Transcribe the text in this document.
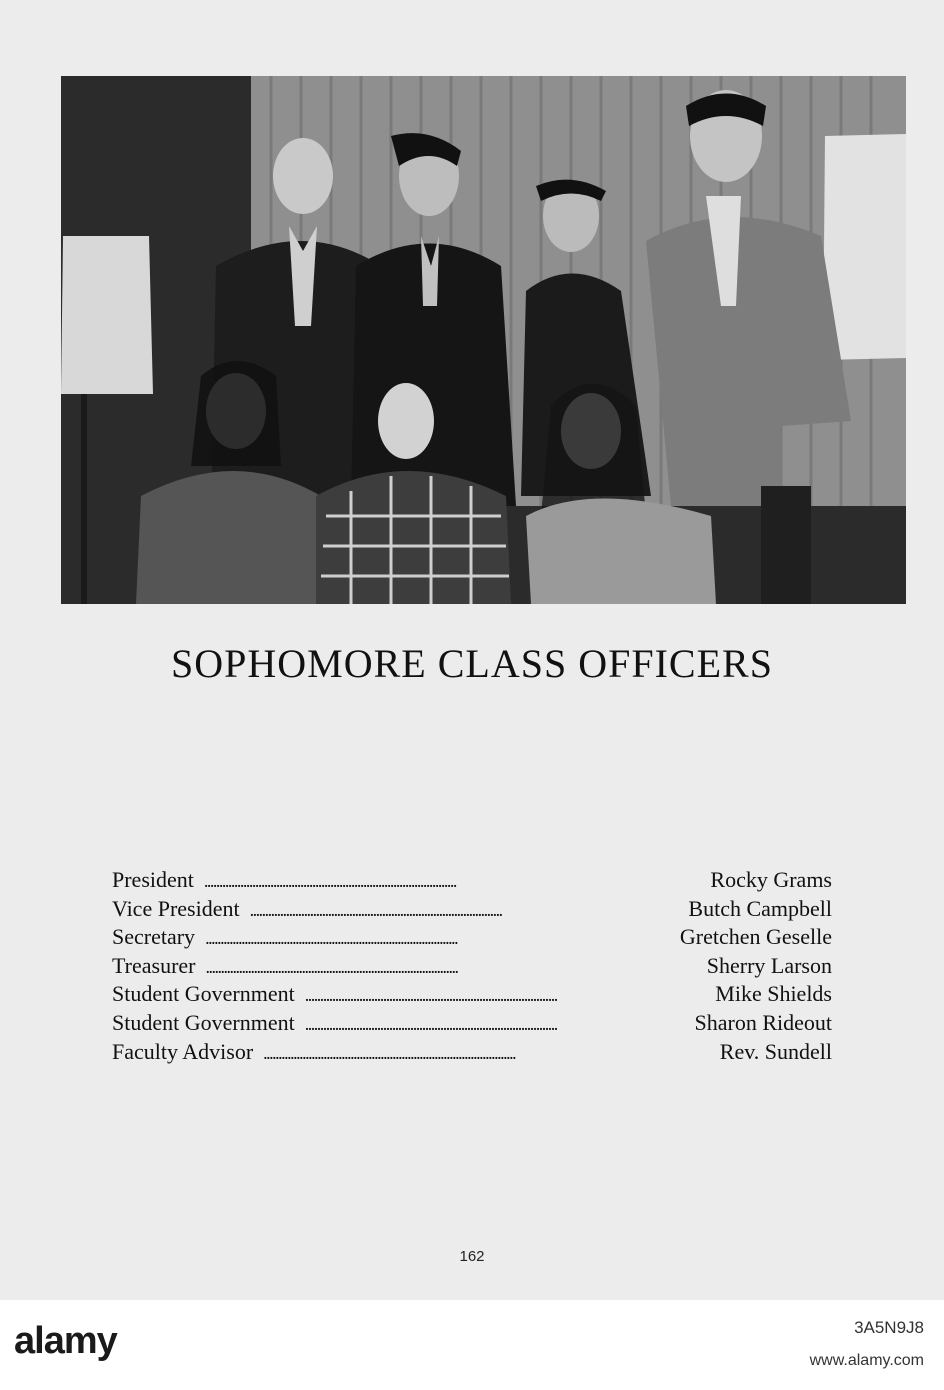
SOPHOMORE CLASS OFFICERS
President . . .	Rocky Grams
Vice President . . .	Butch Campbell
Secretary . . .	Gretchen Geselle
Treasurer . . .	Sherry Larson
Student Government . . .	Mike Shields
Student Government . . .	Sharon Rideout
Faculty Advisor . . .	Rev. Sundell
162
alamy	3A5N9J8
www.alamy.com
